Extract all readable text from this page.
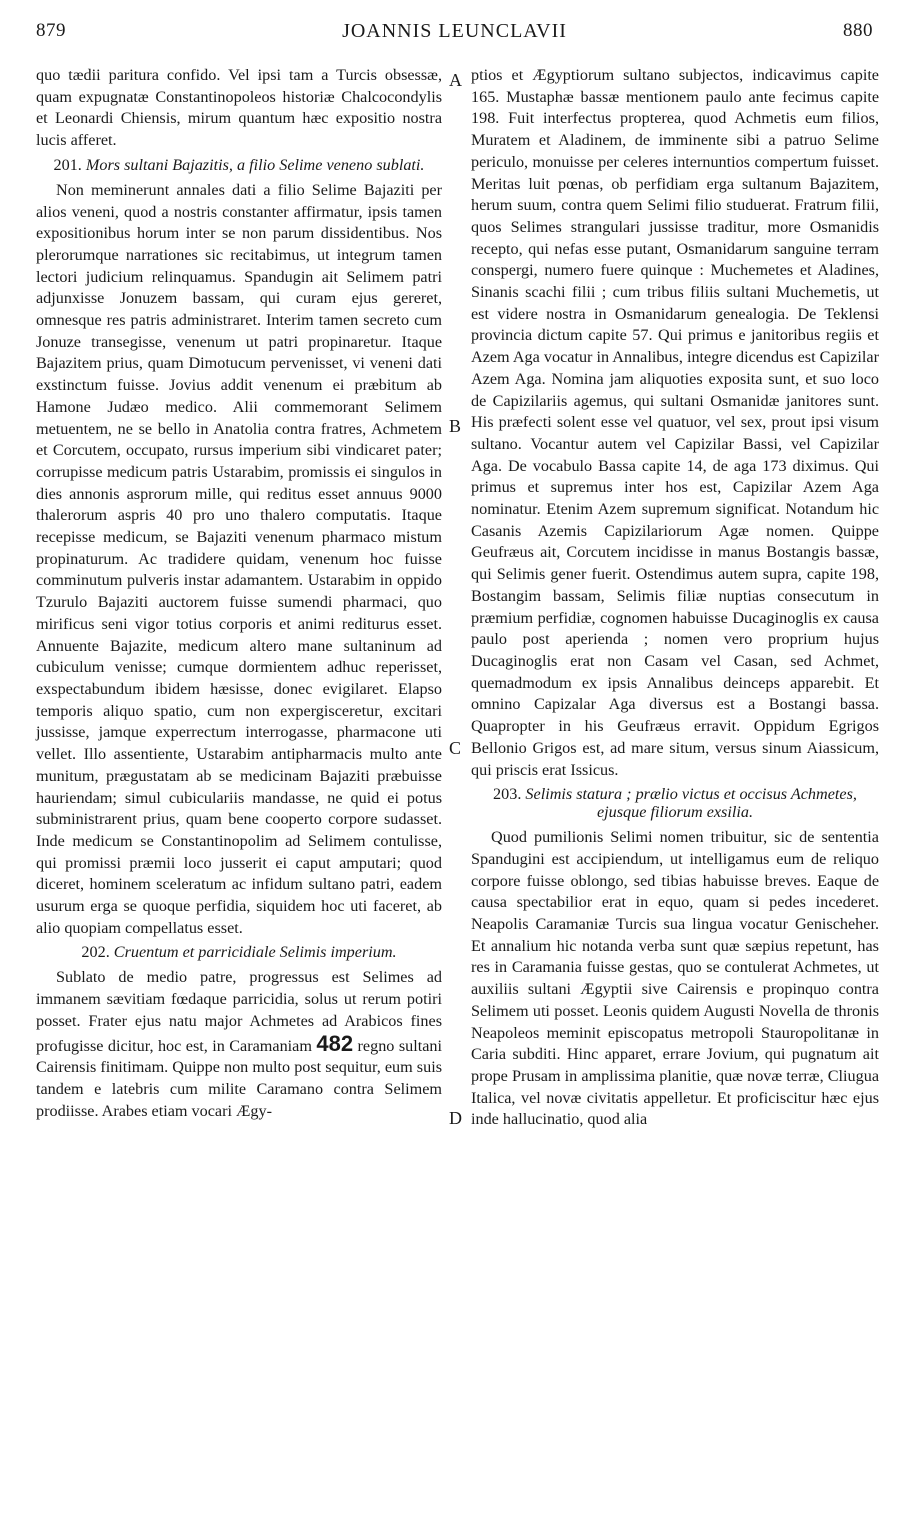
879	JOANNIS LEUNCLAVII	880
A
B
C
D

quo tædii paritura confido. Vel ipsi tam a Turcis obsessæ, quam expugnatæ Constantinopoleos historiæ Chalcocondylis et Leonardi Chiensis, mirum quantum hæc expositio nostra lucis afferet.

201. Mors sultani Bajazitis, a filio Selime veneno sublati.

Non meminerunt annales dati a filio Selime Bajaziti per alios veneni, quod a nostris constanter affirmatur, ipsis tamen expositionibus horum inter se non parum dissidentibus. Nos plerorumque narrationes sic recitabimus, ut integrum tamen lectori judicium relinquamus. Spandugin ait Selimem patri adjunxisse Jonuzem bassam, qui curam ejus gereret, omnesque res patris administraret. Interim tamen secreto cum Jonuze transegisse, venenum ut patri propinaretur. Itaque Bajazitem prius, quam Dimotucum pervenisset, vi veneni dati exstinctum fuisse. Jovius addit venenum ei præbitum ab Hamone Judæo medico. Alii commemorant Selimem metuentem, ne se bello in Anatolia contra fratres, Achmetem et Corcutem, occupato, rursus imperium sibi vindicaret pater; corrupisse medicum patris Ustarabim, promissis ei singulos in dies annonis asprorum mille, qui reditus esset annuus 9000 thalerorum aspris 40 pro uno thalero computatis. Itaque recepisse medicum, se Bajaziti venenum pharmaco mistum propinaturum. Ac tradidere quidam, venenum hoc fuisse comminutum pulveris instar adamantem. Ustarabim in oppido Tzurulo Bajaziti auctorem fuisse sumendi pharmaci, quo mirificus seni vigor totius corporis et animi rediturus esset. Annuente Bajazite, medicum altero mane sultaninum ad cubiculum venisse; cumque dormientem adhuc reperisset, exspectabundum ibidem hæsisse, donec evigilaret. Elapso temporis aliquo spatio, cum non expergisceretur, excitari jussisse, jamque experrectum interrogasse, pharmacone uti vellet. Illo assentiente, Ustarabim antipharmacis multo ante munitum, prægustatam ab se medicinam Bajaziti præbuisse hauriendam; simul cubiculariis mandasse, ne quid ei potus subministrarent prius, quam bene cooperto corpore sudasset. Inde medicum se Constantinopolim ad Selimem contulisse, qui promissi præmii loco jusserit ei caput amputari; quod diceret, hominem sceleratum ac infidum sultano patri, eadem usurum erga se quoque perfidia, siquidem hoc uti faceret, ab alio quopiam compellatus esset.

202. Cruentum et parricidiale Selimis imperium.

Sublato de medio patre, progressus est Selimes ad immanem sævitiam fœdaque parricidia, solus ut rerum potiri posset. Frater ejus natu major Achmetes ad Arabicos fines profugisse dicitur, hoc est, in Caramaniam 482 regno sultani Cairensis finitimam. Quippe non multo post sequitur, eum suis tandem e latebris cum milite Caramano contra Selimem prodiisse. Arabes etiam vocari Ægy-

ptios et Ægyptiorum sultano subjectos, indicavimus capite 165. Mustaphæ bassæ mentionem paulo ante fecimus capite 198. Fuit interfectus propterea, quod Achmetis eum filios, Muratem et Aladinem, de imminente sibi a patruo Selime periculo, monuisse per celeres internuntios compertum fuisset. Meritas luit pœnas, ob perfidiam erga sultanum Bajazitem, herum suum, contra quem Selimi filio studuerat. Fratrum filii, quos Selimes strangulari jussisse traditur, more Osmanidis recepto, qui nefas esse putant, Osmanidarum sanguine terram conspergi, numero fuere quinque : Muchemetes et Aladines, Sinanis scachi filii ; cum tribus filiis sultani Muchemetis, ut est videre nostra in Osmanidarum genealogia. De Teklensi provincia dictum capite 57. Qui primus e janitoribus regiis et Azem Aga vocatur in Annalibus, integre dicendus est Capizilar Azem Aga. Nomina jam aliquoties exposita sunt, et suo loco de Capizilariis agemus, qui sultani Osmanidæ janitores sunt. His præfecti solent esse vel quatuor, vel sex, prout ipsi visum sultano. Vocantur autem vel Capizilar Bassi, vel Capizilar Aga. De vocabulo Bassa capite 14, de aga 173 diximus. Qui primus et supremus inter hos est, Capizilar Azem Aga nominatur. Etenim Azem supremum significat. Notandum hic Casanis Azemis Capizilariorum Agæ nomen. Quippe Geufræus ait, Corcutem incidisse in manus Bostangis bassæ, qui Selimis gener fuerit. Ostendimus autem supra, capite 198, Bostangim bassam, Selimis filiæ nuptias consecutum in præmium perfidiæ, cognomen habuisse Ducaginoglis ex causa paulo post aperienda ; nomen vero proprium hujus Ducaginoglis erat non Casam vel Casan, sed Achmet, quemadmodum ex ipsis Annalibus deinceps apparebit. Et omnino Capizalar Aga diversus est a Bostangi bassa. Quapropter in his Geufræus erravit. Oppidum Egrigos Bellonio Grigos est, ad mare situm, versus sinum Aiassicum, qui priscis erat Issicus.

203. Selimis statura ; prælio victus et occisus Achmetes, ejusque filiorum exsilia.

Quod pumilionis Selimi nomen tribuitur, sic de sententia Spandugini est accipiendum, ut intelligamus eum de reliquo corpore fuisse oblongo, sed tibias habuisse breves. Eaque de causa spectabilior erat in equo, quam si pedes incederet. Neapolis Caramaniæ Turcis sua lingua vocatur Genischeher. Et annalium hic notanda verba sunt quæ sæpius repetunt, has res in Caramania fuisse gestas, quo se contulerat Achmetes, ut auxiliis sultani Ægyptii sive Cairensis e propinquo contra Selimem uti posset. Leonis quidem Augusti Novella de thronis Neapoleos meminit episcopatus metropoli Stauropolitanæ in Caria subditi. Hinc apparet, errare Jovium, qui pugnatum ait prope Prusam in amplissima planitie, quæ novæ terræ, Cliugua Italica, vel novæ civitatis appelletur. Et proficiscitur hæc ejus inde hallucinatio, quod alia
